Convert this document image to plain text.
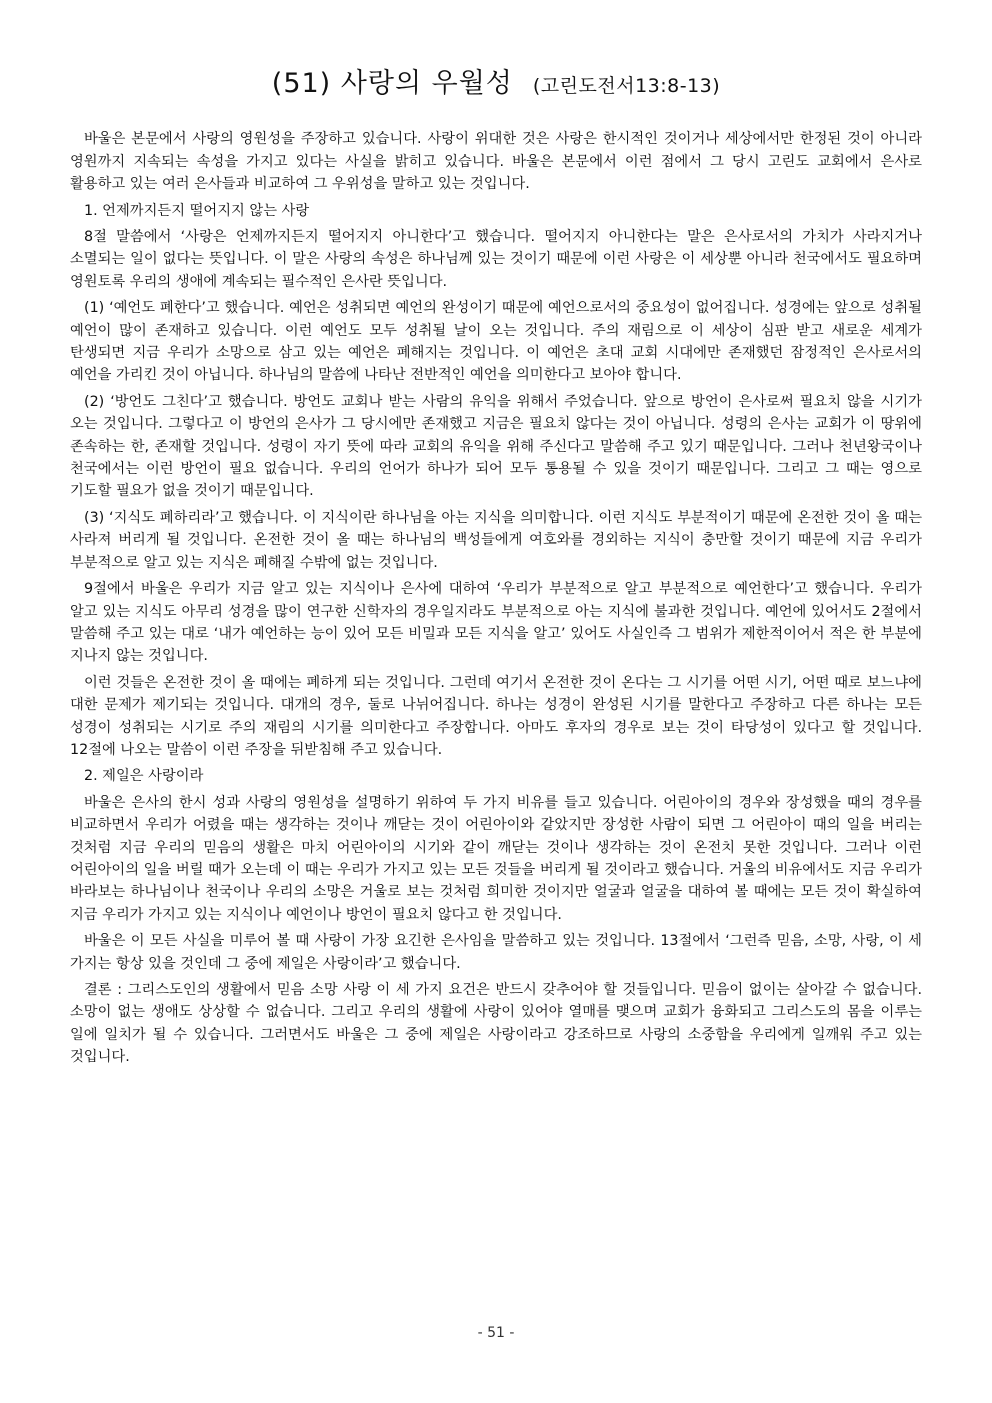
(51) 사랑의 우월성 (고린도전서13:8-13)

바울은 본문에서 사랑의 영원성을 주장하고 있습니다. 사랑이 위대한 것은 사랑은 한시적인 것이거나 세상에서만 한정된 것이 아니라 영원까지 지속되는 속성을 가지고 있다는 사실을 밝히고 있습니다. 바울은 본문에서 이런 점에서 그 당시 고린도 교회에서 은사로 활용하고 있는 여러 은사들과 비교하여 그 우위성을 말하고 있는 것입니다.

1. 언제까지든지 떨어지지 않는 사랑

8절 말씀에서 ‘사랑은 언제까지든지 떨어지지 아니한다’고 했습니다. 떨어지지 아니한다는 말은 은사로서의 가치가 사라지거나 소멸되는 일이 없다는 뜻입니다. 이 말은 사랑의 속성은 하나님께 있는 것이기 때문에 이런 사랑은 이 세상뿐 아니라 천국에서도 필요하며 영원토록 우리의 생애에 계속되는 필수적인 은사란 뜻입니다.

(1) ‘예언도 폐한다’고 했습니다. 예언은 성취되면 예언의 완성이기 때문에 예언으로서의 중요성이 없어집니다. 성경에는 앞으로 성취될 예언이 많이 존재하고 있습니다. 이런 예언도 모두 성취될 날이 오는 것입니다. 주의 재림으로 이 세상이 심판 받고 새로운 세계가 탄생되면 지금 우리가 소망으로 삼고 있는 예언은 폐해지는 것입니다. 이 예언은 초대 교회 시대에만 존재했던 잠정적인 은사로서의 예언을 가리킨 것이 아닙니다. 하나님의 말씀에 나타난 전반적인 예언을 의미한다고 보아야 합니다.

(2) ‘방언도 그친다’고 했습니다. 방언도 교회나 받는 사람의 유익을 위해서 주었습니다. 앞으로 방언이 은사로써 필요치 않을 시기가 오는 것입니다. 그렇다고 이 방언의 은사가 그 당시에만 존재했고 지금은 필요치 않다는 것이 아닙니다. 성령의 은사는 교회가 이 땅위에 존속하는 한, 존재할 것입니다. 성령이 자기 뜻에 따라 교회의 유익을 위해 주신다고 말씀해 주고 있기 때문입니다. 그러나 천년왕국이나 천국에서는 이런 방언이 필요 없습니다. 우리의 언어가 하나가 되어 모두 통용될 수 있을 것이기 때문입니다. 그리고 그 때는 영으로 기도할 필요가 없을 것이기 때문입니다.

(3) ‘지식도 폐하리라’고 했습니다. 이 지식이란 하나님을 아는 지식을 의미합니다. 이런 지식도 부분적이기 때문에 온전한 것이 올 때는 사라져 버리게 될 것입니다. 온전한 것이 올 때는 하나님의 백성들에게 여호와를 경외하는 지식이 충만할 것이기 때문에 지금 우리가 부분적으로 알고 있는 지식은 폐해질 수밖에 없는 것입니다.

9절에서 바울은 우리가 지금 알고 있는 지식이나 은사에 대하여 ‘우리가 부분적으로 알고 부분적으로 예언한다’고 했습니다. 우리가 알고 있는 지식도 아무리 성경을 많이 연구한 신학자의 경우일지라도 부분적으로 아는 지식에 불과한 것입니다. 예언에 있어서도 2절에서 말씀해 주고 있는 대로 ‘내가 예언하는 능이 있어 모든 비밀과 모든 지식을 알고’ 있어도 사실인즉 그 범위가 제한적이어서 적은 한 부분에 지나지 않는 것입니다.

이런 것들은 온전한 것이 올 때에는 폐하게 되는 것입니다. 그런데 여기서 온전한 것이 온다는 그 시기를 어떤 시기, 어떤 때로 보느냐에 대한 문제가 제기되는 것입니다. 대개의 경우, 둘로 나뉘어집니다. 하나는 성경이 완성된 시기를 말한다고 주장하고 다른 하나는 모든 성경이 성취되는 시기로 주의 재림의 시기를 의미한다고 주장합니다. 아마도 후자의 경우로 보는 것이 타당성이 있다고 할 것입니다. 12절에 나오는 말씀이 이런 주장을 뒤받침해 주고 있습니다.

2. 제일은 사랑이라

바울은 은사의 한시 성과 사랑의 영원성을 설명하기 위하여 두 가지 비유를 들고 있습니다. 어린아이의 경우와 장성했을 때의 경우를 비교하면서 우리가 어렸을 때는 생각하는 것이나 깨닫는 것이 어린아이와 같았지만 장성한 사람이 되면 그 어린아이 때의 일을 버리는 것처럼 지금 우리의 믿음의 생활은 마치 어린아이의 시기와 같이 깨닫는 것이나 생각하는 것이 온전치 못한 것입니다. 그러나 이런 어린아이의 일을 버릴 때가 오는데 이 때는 우리가 가지고 있는 모든 것들을 버리게 될 것이라고 했습니다. 거울의 비유에서도 지금 우리가 바라보는 하나님이나 천국이나 우리의 소망은 거울로 보는 것처럼 희미한 것이지만 얼굴과 얼굴을 대하여 볼 때에는 모든 것이 확실하여 지금 우리가 가지고 있는 지식이나 예언이나 방언이 필요치 않다고 한 것입니다.

바울은 이 모든 사실을 미루어 볼 때 사랑이 가장 요긴한 은사임을 말씀하고 있는 것입니다. 13절에서 ‘그런즉 믿음, 소망, 사랑, 이 세 가지는 항상 있을 것인데 그 중에 제일은 사랑이라’고 했습니다.

결론 : 그리스도인의 생활에서 믿음 소망 사랑 이 세 가지 요건은 반드시 갖추어야 할 것들입니다. 믿음이 없이는 살아갈 수 없습니다. 소망이 없는 생애도 상상할 수 없습니다. 그리고 우리의 생활에 사랑이 있어야 열매를 맺으며 교회가 융화되고 그리스도의 몸을 이루는 일에 일치가 될 수 있습니다. 그러면서도 바울은 그 중에 제일은 사랑이라고 강조하므로 사랑의 소중함을 우리에게 일깨워 주고 있는 것입니다.

- 51 -
